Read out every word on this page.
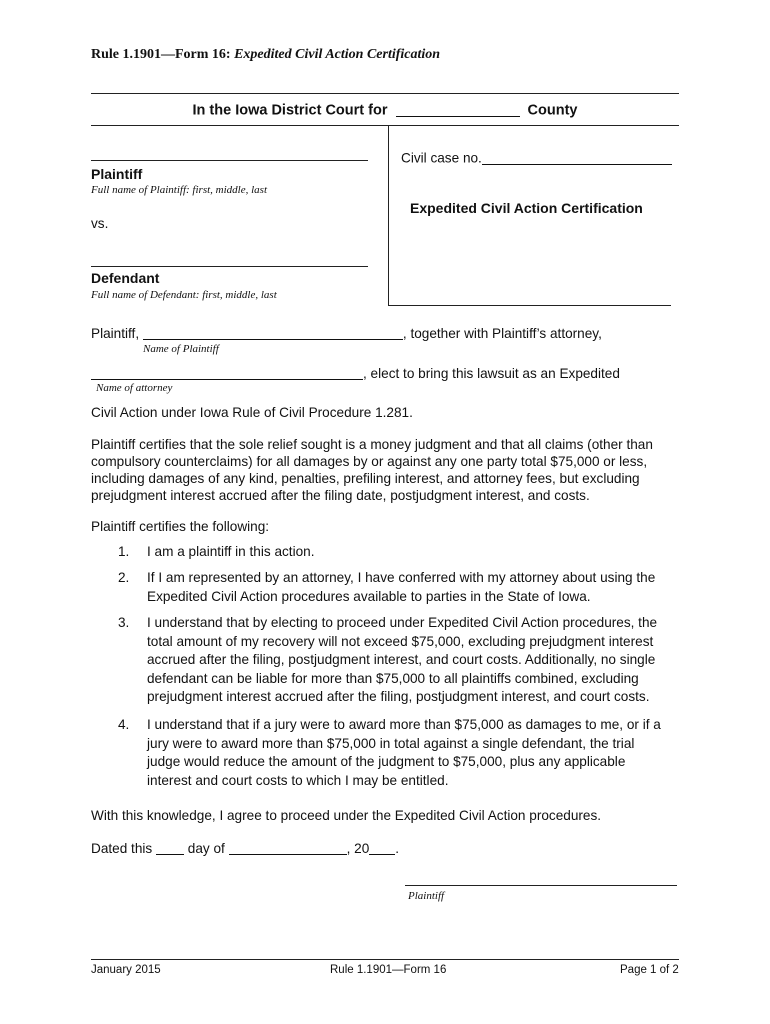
Rule 1.1901—Form 16: Expedited Civil Action Certification
In the Iowa District Court for	County
Plaintiff
Full name of Plaintiff: first, middle, last
vs.
Defendant
Full name of Defendant: first, middle, last
Civil case no.
Expedited Civil Action Certification
Plaintiff,	, together with Plaintiff’s attorney,
Name of Plaintiff
, elect to bring this lawsuit as an Expedited
Name of attorney
Civil Action under Iowa Rule of Civil Procedure 1.281.
Plaintiff certifies that the sole relief sought is a money judgment and that all claims (other than
compulsory counterclaims) for all damages by or against any one party total $75,000 or less,
including damages of any kind, penalties, prefiling interest, and attorney fees, but excluding
prejudgment interest accrued after the filing date, postjudgment interest, and costs.
Plaintiff certifies the following:
1. I am a plaintiff in this action.
2. If I am represented by an attorney, I have conferred with my attorney about using the
Expedited Civil Action procedures available to parties in the State of Iowa.
3. I understand that by electing to proceed under Expedited Civil Action procedures, the
total amount of my recovery will not exceed $75,000, excluding prejudgment interest
accrued after the filing, postjudgment interest, and court costs. Additionally, no single
defendant can be liable for more than $75,000 to all plaintiffs combined, excluding
prejudgment interest accrued after the filing, postjudgment interest, and court costs.
4. I understand that if a jury were to award more than $75,000 as damages to me, or if a
jury were to award more than $75,000 in total against a single defendant, the trial
judge would reduce the amount of the judgment to $75,000, plus any applicable
interest and court costs to which I may be entitled.
With this knowledge, I agree to proceed under the Expedited Civil Action procedures.
Dated this	day of	, 20 .
Plaintiff
January 2015	Rule 1.1901—Form 16	Page 1 of 2
